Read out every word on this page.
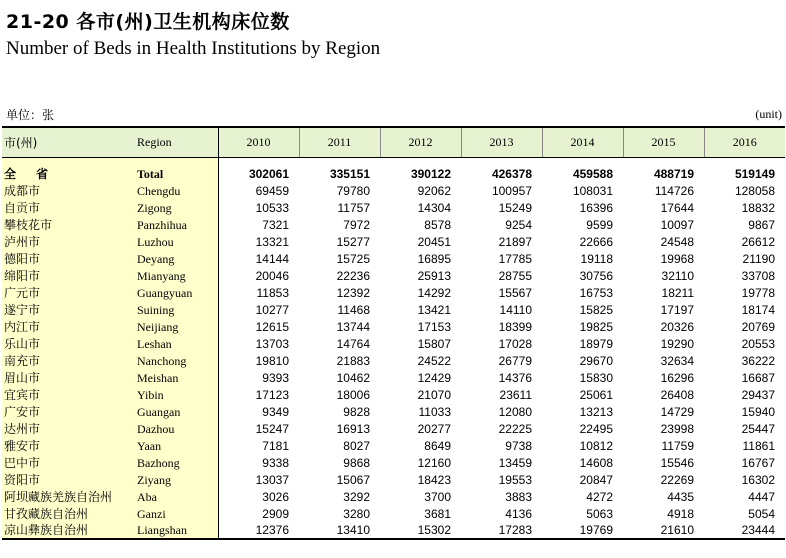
21-20 各市(州)卫生机构床位数
Number of Beds in Health Institutions by Region
单位：张	(unit)
市(州)	Region	2010	2011	2012	2013	2014	2015	2016

全 省	Total	302061	335151	390122	426378	459588	488719	519149
成都市	Chengdu	69459	79780	92062	100957	108031	114726	128058
自贡市	Zigong	10533	11757	14304	15249	16396	17644	18832
攀枝花市	Panzhihua	7321	7972	8578	9254	9599	10097	9867
泸州市	Luzhou	13321	15277	20451	21897	22666	24548	26612
德阳市	Deyang	14144	15725	16895	17785	19118	19968	21190
绵阳市	Mianyang	20046	22236	25913	28755	30756	32110	33708
广元市	Guangyuan	11853	12392	14292	15567	16753	18211	19778
遂宁市	Suining	10277	11468	13421	14110	15825	17197	18174
内江市	Neijiang	12615	13744	17153	18399	19825	20326	20769
乐山市	Leshan	13703	14764	15807	17028	18979	19290	20553
南充市	Nanchong	19810	21883	24522	26779	29670	32634	36222
眉山市	Meishan	9393	10462	12429	14376	15830	16296	16687
宜宾市	Yibin	17123	18006	21070	23611	25061	26408	29437
广安市	Guangan	9349	9828	11033	12080	13213	14729	15940
达州市	Dazhou	15247	16913	20277	22225	22495	23998	25447
雅安市	Yaan	7181	8027	8649	9738	10812	11759	11861
巴中市	Bazhong	9338	9868	12160	13459	14608	15546	16767
资阳市	Ziyang	13037	15067	18423	19553	20847	22269	16302
阿坝藏族羌族自治州	Aba	3026	3292	3700	3883	4272	4435	4447
甘孜藏族自治州	Ganzi	2909	3280	3681	4136	5063	4918	5054
凉山彝族自治州	Liangshan	12376	13410	15302	17283	19769	21610	23444
